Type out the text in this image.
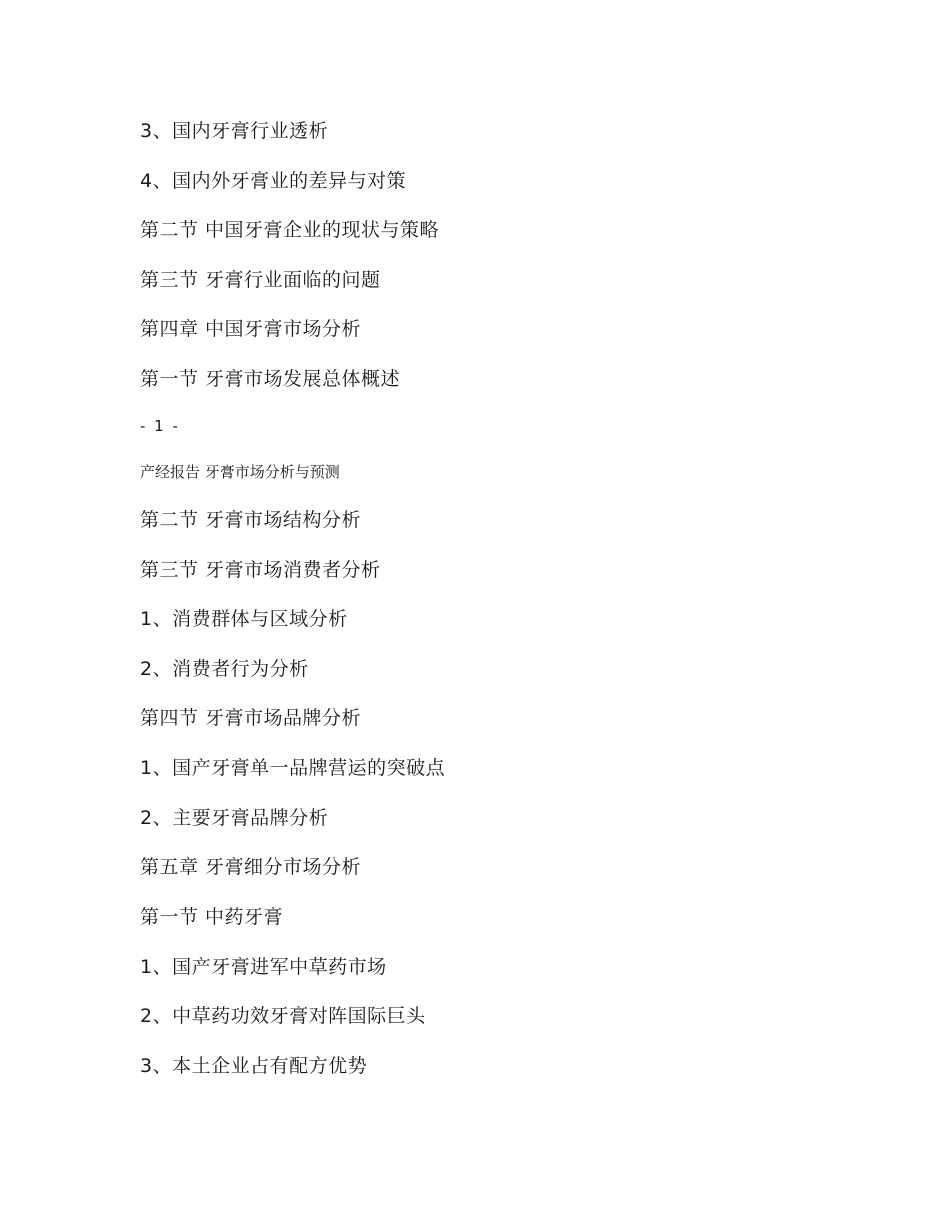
3、国内牙膏行业透析
4、国内外牙膏业的差异与对策
第二节 中国牙膏企业的现状与策略
第三节 牙膏行业面临的问题
第四章 中国牙膏市场分析
第一节 牙膏市场发展总体概述
- 1 -
产经报告 牙膏市场分析与预测
第二节 牙膏市场结构分析
第三节 牙膏市场消费者分析
1、消费群体与区域分析
2、消费者行为分析
第四节 牙膏市场品牌分析
1、国产牙膏单一品牌营运的突破点
2、主要牙膏品牌分析
第五章 牙膏细分市场分析
第一节 中药牙膏
1、国产牙膏进军中草药市场
2、中草药功效牙膏对阵国际巨头
3、本土企业占有配方优势
